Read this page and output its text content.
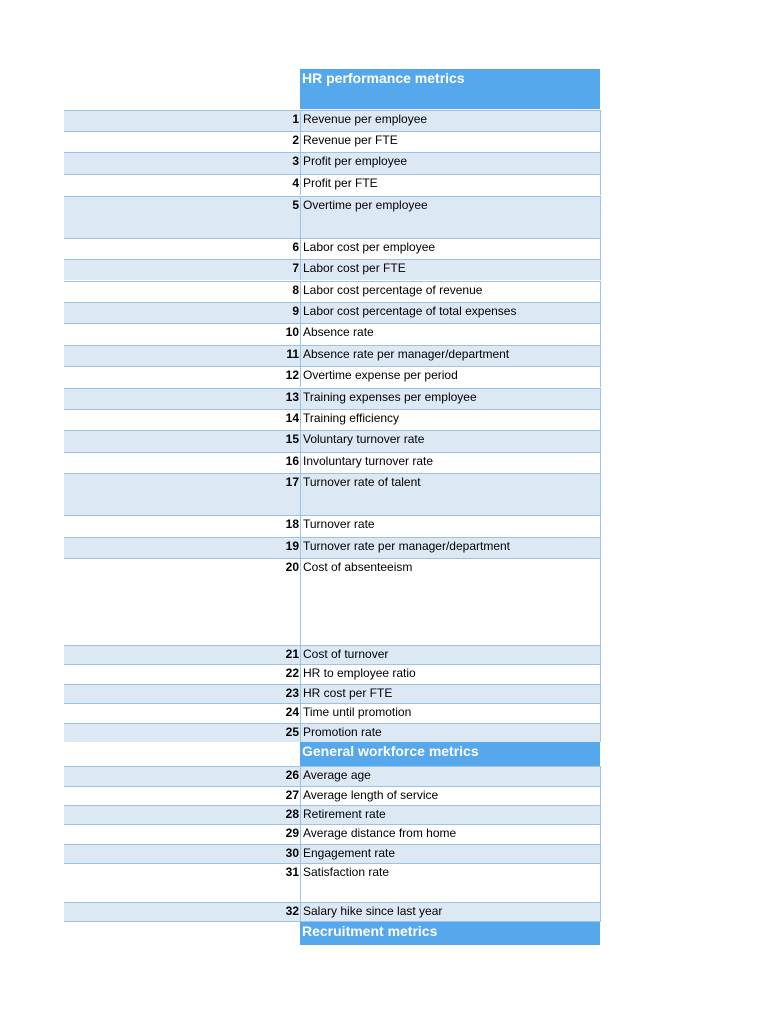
HR performance metrics
1 Revenue per employee
2 Revenue per FTE
3 Profit per employee
4 Profit per FTE
5 Overtime per employee
6 Labor cost per employee
7 Labor cost per FTE
8 Labor cost percentage of revenue
9 Labor cost percentage of total expenses
10 Absence rate
11 Absence rate per manager/department
12 Overtime expense per period
13 Training expenses per employee
14 Training efficiency
15 Voluntary turnover rate
16 Involuntary turnover rate
17 Turnover rate of talent
18 Turnover rate
19 Turnover rate per manager/department
20 Cost of absenteeism
21 Cost of turnover
22 HR to employee ratio
23 HR cost per FTE
24 Time until promotion
25 Promotion rate
General workforce metrics
26 Average age
27 Average length of service
28 Retirement rate
29 Average distance from home
30 Engagement rate
31 Satisfaction rate
32 Salary hike since last year
Recruitment metrics
